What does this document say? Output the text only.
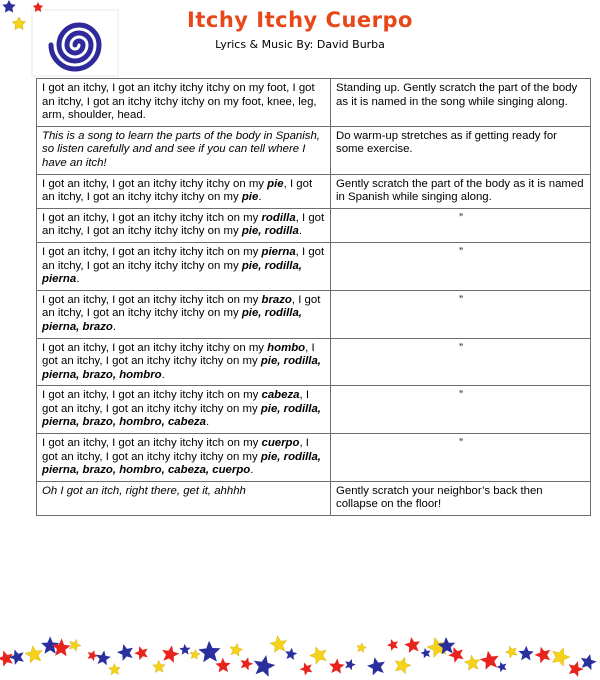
Itchy Itchy Cuerpo
Lyrics & Music By: David Burba
I got an itchy, I got an itchy itchy itchy on my foot, I got an itchy, I got an itchy itchy itchy on my foot, knee, leg, arm, shoulder, head.	Standing up. Gently scratch the part of the body as it is named in the song while singing along.
This is a song to learn the parts of the body in Spanish, so listen carefully and and see if you can tell where I have an itch!	Do warm-up stretches as if getting ready for some exercise.
I got an itchy, I got an itchy itchy itchy on my pie, I got an itchy, I got an itchy itchy itchy on my pie.	Gently scratch the part of the body as it is named in Spanish while singing along.
I got an itchy, I got an itchy itchy itch on my rodilla, I got an itchy, I got an itchy itchy itchy on my pie, rodilla.	”
I got an itchy, I got an itchy itchy itch on my pierna, I got an itchy, I got an itchy itchy itchy on my pie, rodilla, pierna.	”
I got an itchy, I got an itchy itchy itch on my brazo, I got an itchy, I got an itchy itchy itchy on my pie, rodilla, pierna, brazo.	”
I got an itchy, I got an itchy itchy itchy on my hombo, I got an itchy, I got an itchy itchy itchy on my pie, rodilla, pierna, brazo, hombro.	”
I got an itchy, I got an itchy itchy itch on my cabeza, I got an itchy, I got an itchy itchy itchy on my pie, rodilla, pierna, brazo, hombro, cabeza.	”
I got an itchy, I got an itchy itchy itch on my cuerpo, I got an itchy, I got an itchy itchy itchy on my pie, rodilla, pierna, brazo, hombro, cabeza, cuerpo.	”
Oh I got an itch, right there, get it, ahhhh	Gently scratch your neighbor’s back then collapse on the floor!
